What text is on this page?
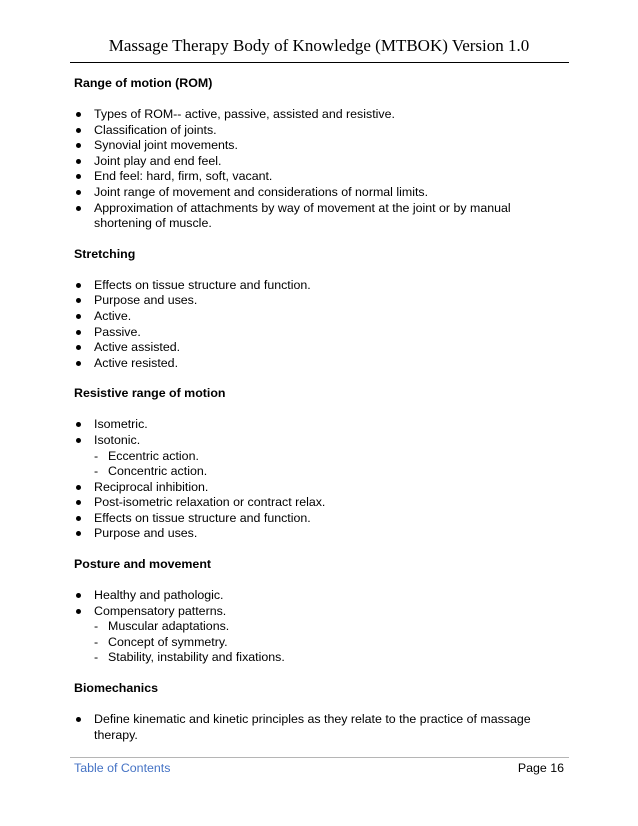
Massage Therapy Body of Knowledge (MTBOK) Version 1.0
Range of motion (ROM)
Types of ROM-- active, passive, assisted and resistive.
Classification of joints.
Synovial joint movements.
Joint play and end feel.
End feel: hard, firm, soft, vacant.
Joint range of movement and considerations of normal limits.
Approximation of attachments by way of movement at the joint or by manual shortening of muscle.
Stretching
Effects on tissue structure and function.
Purpose and uses.
Active.
Passive.
Active assisted.
Active resisted.
Resistive range of motion
Isometric.
Isotonic.
- Eccentric action.
- Concentric action.
Reciprocal inhibition.
Post-isometric relaxation or contract relax.
Effects on tissue structure and function.
Purpose and uses.
Posture and movement
Healthy and pathologic.
Compensatory patterns.
- Muscular adaptations.
- Concept of symmetry.
- Stability, instability and fixations.
Biomechanics
Define kinematic and kinetic principles as they relate to the practice of massage therapy.
Table of Contents	Page 16
